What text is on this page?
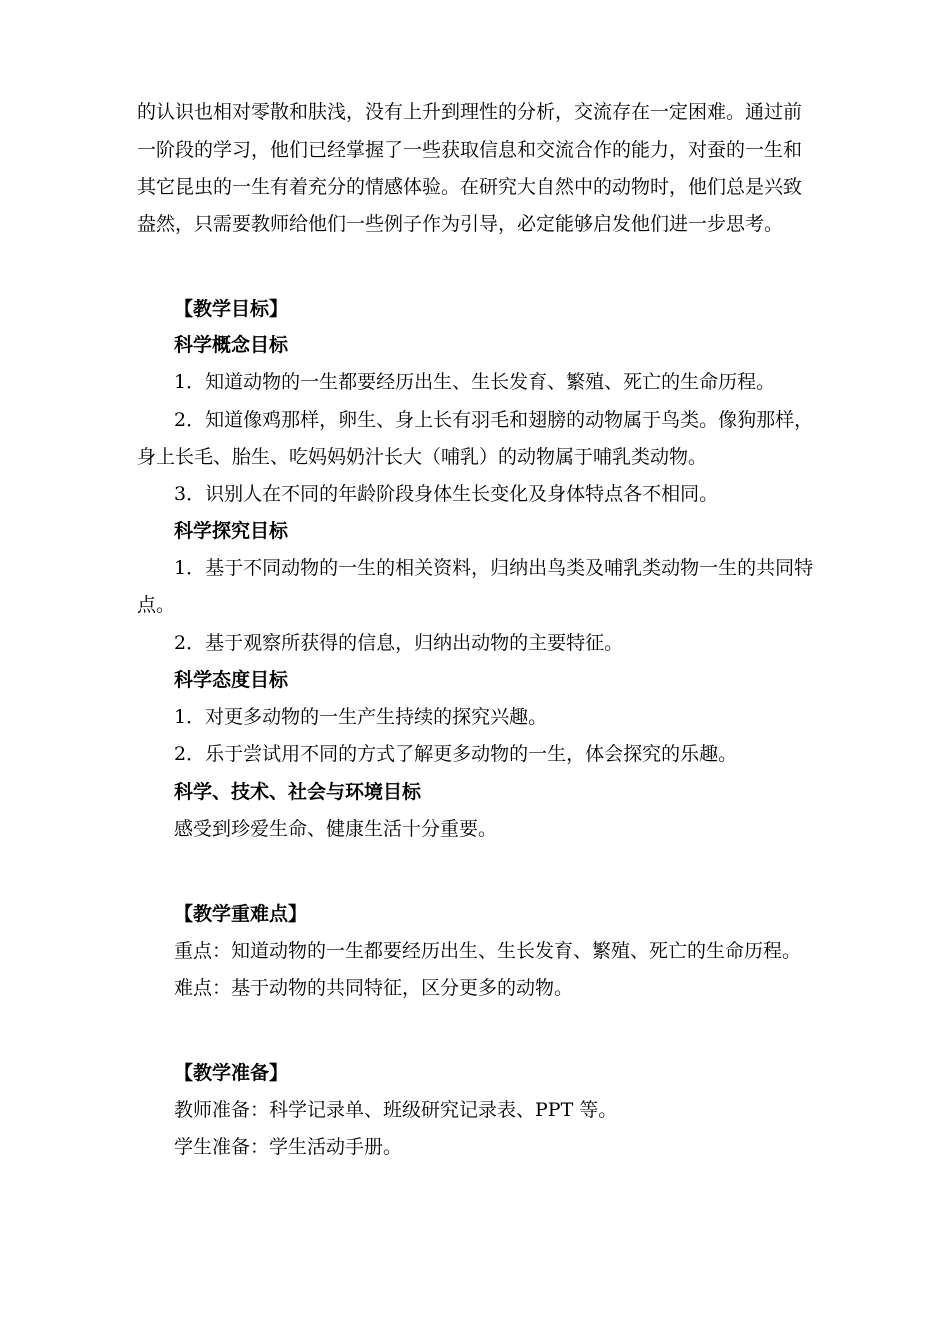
的认识也相对零散和肤浅，没有上升到理性的分析，交流存在一定困难。通过前

一阶段的学习，他们已经掌握了一些获取信息和交流合作的能力，对蚕的一生和

其它昆虫的一生有着充分的情感体验。在研究大自然中的动物时，他们总是兴致

盎然，只需要教师给他们一些例子作为引导，必定能够启发他们进一步思考。

【教学目标】

科学概念目标

1．知道动物的一生都要经历出生、生长发育、繁殖、死亡的生命历程。

2．知道像鸡那样，卵生、身上长有羽毛和翅膀的动物属于鸟类。像狗那样，

身上长毛、胎生、吃妈妈奶汁长大（哺乳）的动物属于哺乳类动物。

3．识别人在不同的年龄阶段身体生长变化及身体特点各不相同。

科学探究目标

1．基于不同动物的一生的相关资料，归纳出鸟类及哺乳类动物一生的共同特

点。

2．基于观察所获得的信息，归纳出动物的主要特征。

科学态度目标

1．对更多动物的一生产生持续的探究兴趣。

2．乐于尝试用不同的方式了解更多动物的一生，体会探究的乐趣。

科学、技术、社会与环境目标

感受到珍爱生命、健康生活十分重要。

【教学重难点】

重点：知道动物的一生都要经历出生、生长发育、繁殖、死亡的生命历程。

难点：基于动物的共同特征，区分更多的动物。

【教学准备】

教师准备：科学记录单、班级研究记录表、PPT 等。

学生准备：学生活动手册。
